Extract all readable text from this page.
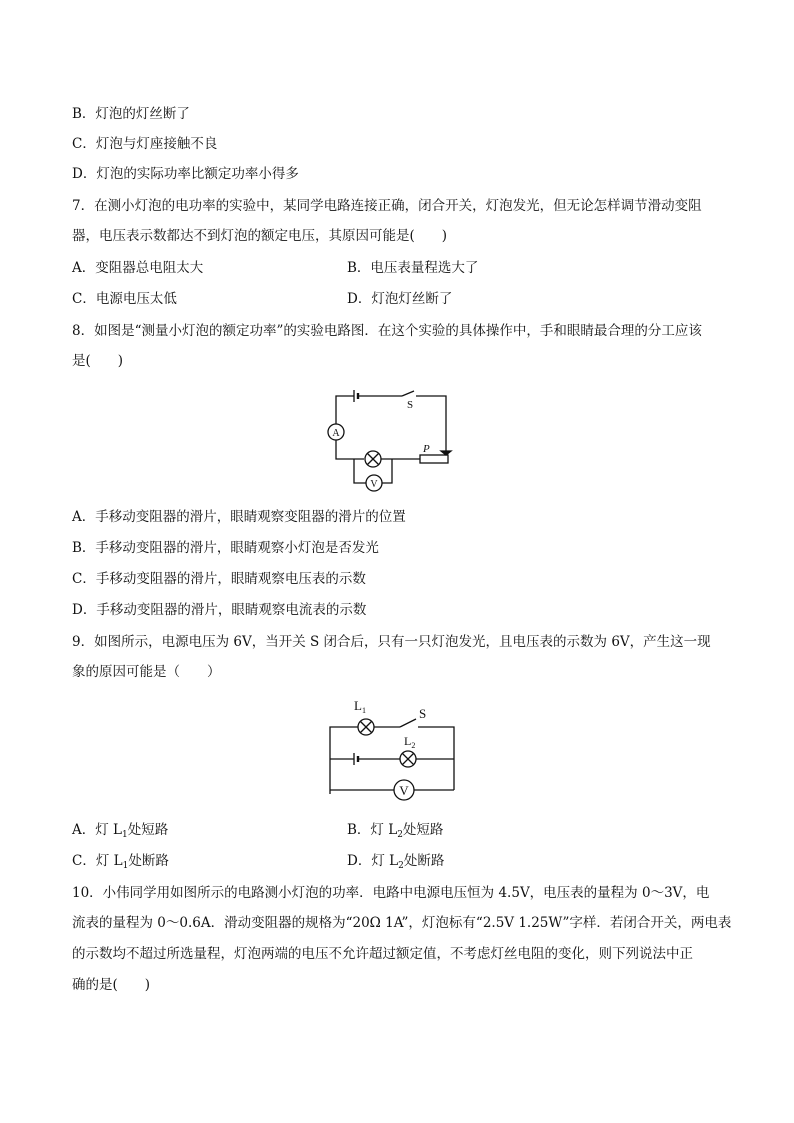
B．灯泡的灯丝断了
C．灯泡与灯座接触不良
D．灯泡的实际功率比额定功率小得多
7．在测小灯泡的电功率的实验中，某同学电路连接正确，闭合开关，灯泡发光，但无论怎样调节滑动变阻
器，电压表示数都达不到灯泡的额定电压，其原因可能是(　　)
A．变阻器总电阻太大	B．电压表量程选大了
C．电源电压太低	D．灯泡灯丝断了
8．如图是“测量小灯泡的额定功率”的实验电路图．在这个实验的具体操作中，手和眼睛最合理的分工应该
是(　　)
A
S
V
P
A．手移动变阻器的滑片，眼睛观察变阻器的滑片的位置
B．手移动变阻器的滑片，眼睛观察小灯泡是否发光
C．手移动变阻器的滑片，眼睛观察电压表的示数
D．手移动变阻器的滑片，眼睛观察电流表的示数
9．如图所示，电源电压为 6V，当开关 S 闭合后，只有一只灯泡发光，且电压表的示数为 6V，产生这一现
象的原因可能是（　　）
$L_1$	S
$L_2$
V
A．灯 $L_1$处短路	B．灯 $L_2$处短路
C．灯 $L_1$处断路	D．灯 $L_2$处断路
10．小伟同学用如图所示的电路测小灯泡的功率．电路中电源电压恒为 4.5V，电压表的量程为 0～3V，电
流表的量程为 0～0.6A．滑动变阻器的规格为“20Ω 1A”，灯泡标有“2.5V 1.25W”字样．若闭合开关，两电表
的示数均不超过所选量程，灯泡两端的电压不允许超过额定值，不考虑灯丝电阻的变化，则下列说法中正
确的是(　　)
